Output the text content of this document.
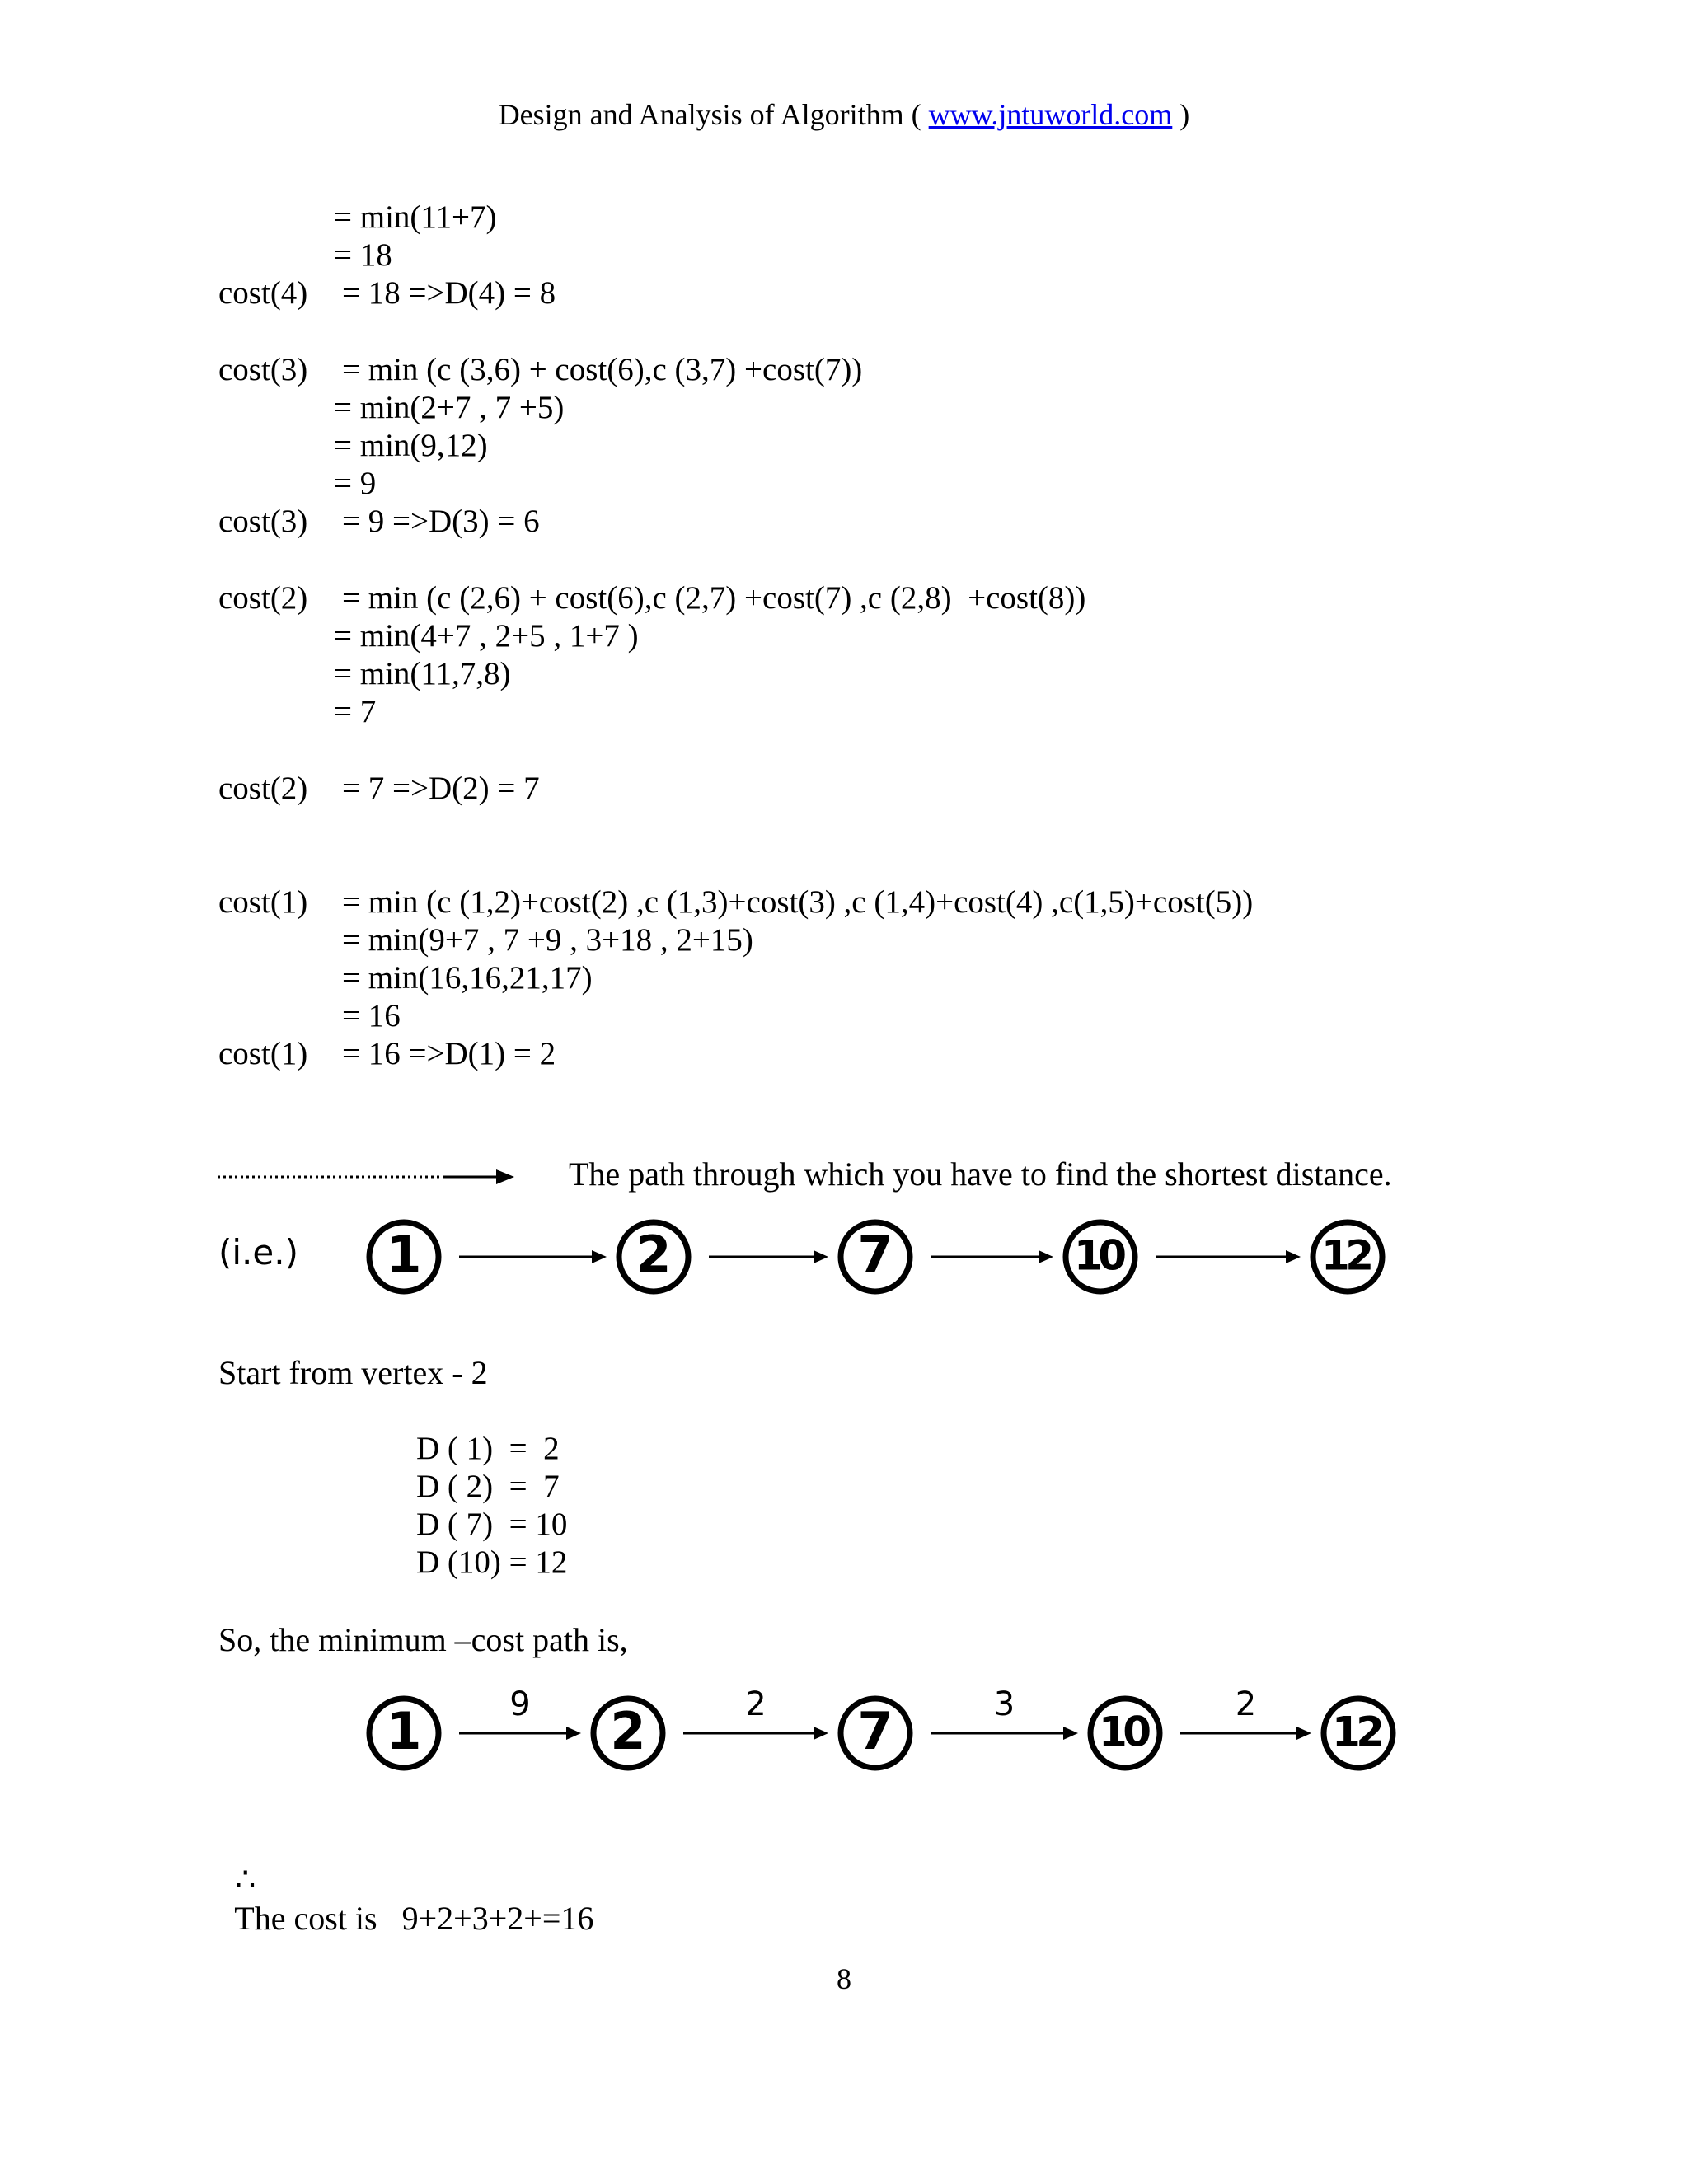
Design and Analysis of Algorithm ( www.jntuworld.com )
= min(11+7)
= 18
cost(4) = 18 =>D(4) = 8
cost(3) = min (c (3,6) + cost(6),c (3,7) +cost(7))
= min(2+7 , 7 +5)
= min(9,12)
= 9
cost(3) = 9 =>D(3) = 6
cost(2) = min (c (2,6) + cost(6),c (2,7) +cost(7) ,c (2,8)  +cost(8))
= min(4+7 , 2+5 , 1+7 )
= min(11,7,8)
= 7
cost(2) = 7 =>D(2) = 7
cost(1) = min (c (1,2)+cost(2) ,c (1,3)+cost(3) ,c (1,4)+cost(4) ,c(1,5)+cost(5))
= min(9+7 , 7 +9 , 3+18 , 2+15)
= min(16,16,21,17)
= 16
cost(1) = 16 =>D(1) = 2
The path through which you have to find the shortest distance.
(i.e.) 1	2	7	10	12
Start from vertex - 2
D ( 1)  =  2
D ( 2)  =  7
D ( 7)  = 10
D (10) = 12
So, the minimum –cost path is,
1	9 2	2 7	3
10
2
12

∴
The cost is   9+2+3+2+=16

8
